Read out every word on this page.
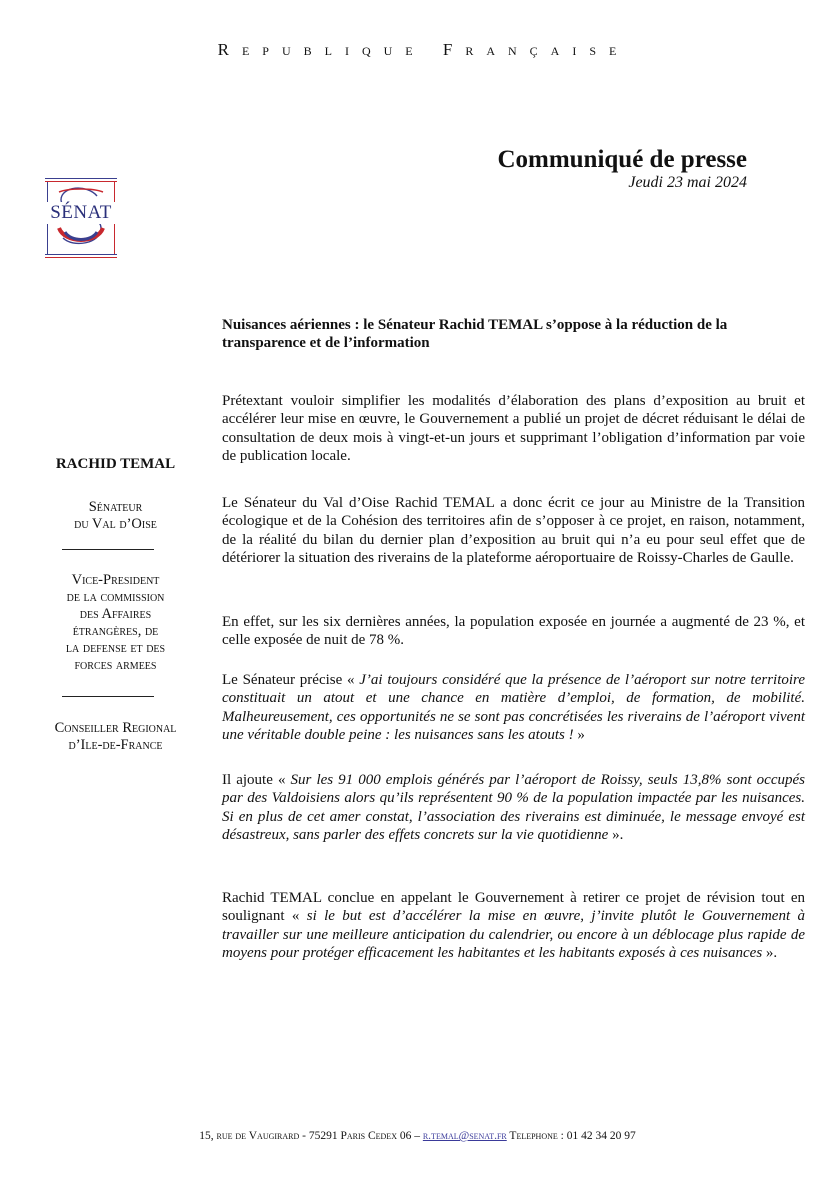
Republique Française
Communiqué de presse
Jeudi 23 mai 2024
SÉNAT
RACHID TEMAL
Sénateur
du Val d’Oise
Vice-President
de la commission
des Affaires
étrangères, de
la defense et des
forces armees
Conseiller Regional
d’Ile-de-France
Nuisances aériennes : le Sénateur Rachid TEMAL s’oppose à la réduction de la transparence et de l’information

Prétextant vouloir simplifier les modalités d’élaboration des plans d’exposition au bruit et accélérer leur mise en œuvre, le Gouvernement a publié un projet de décret réduisant le délai de consultation de deux mois à vingt-et-un jours et supprimant l’obligation d’information par voie de publication locale.

Le Sénateur du Val d’Oise Rachid TEMAL a donc écrit ce jour au Ministre de la Transition écologique et de la Cohésion des territoires afin de s’opposer à ce projet, en raison, notamment, de la réalité du bilan du dernier plan d’exposition au bruit qui n’a eu pour seul effet que de détériorer la situation des riverains de la plateforme aéroportuaire de Roissy-Charles de Gaulle.

En effet, sur les six dernières années, la population exposée en journée a augmenté de 23 %, et celle exposée de nuit de 78 %.

Le Sénateur précise « J’ai toujours considéré que la présence de l’aéroport sur notre territoire constituait un atout et une chance en matière d’emploi, de formation, de mobilité. Malheureusement, ces opportunités ne se sont pas concrétisées les riverains de l’aéroport vivent une véritable double peine : les nuisances sans les atouts ! »

Il ajoute « Sur les 91 000 emplois générés par l’aéroport de Roissy, seuls 13,8% sont occupés par des Valdoisiens alors qu’ils représentent 90 % de la population impactée par les nuisances. Si en plus de cet amer constat, l’association des riverains est diminuée, le message envoyé est désastreux, sans parler des effets concrets sur la vie quotidienne ».

Rachid TEMAL conclue en appelant le Gouvernement à retirer ce projet de révision tout en soulignant « si le but est d’accélérer la mise en œuvre, j’invite plutôt le Gouvernement à travailler sur une meilleure anticipation du calendrier, ou encore à un déblocage plus rapide de moyens pour protéger efficacement les habitantes et les habitants exposés à ces nuisances ».

15, rue de Vaugirard - 75291 Paris Cedex 06 – r.temal@senat.fr Telephone : 01 42 34 20 97
